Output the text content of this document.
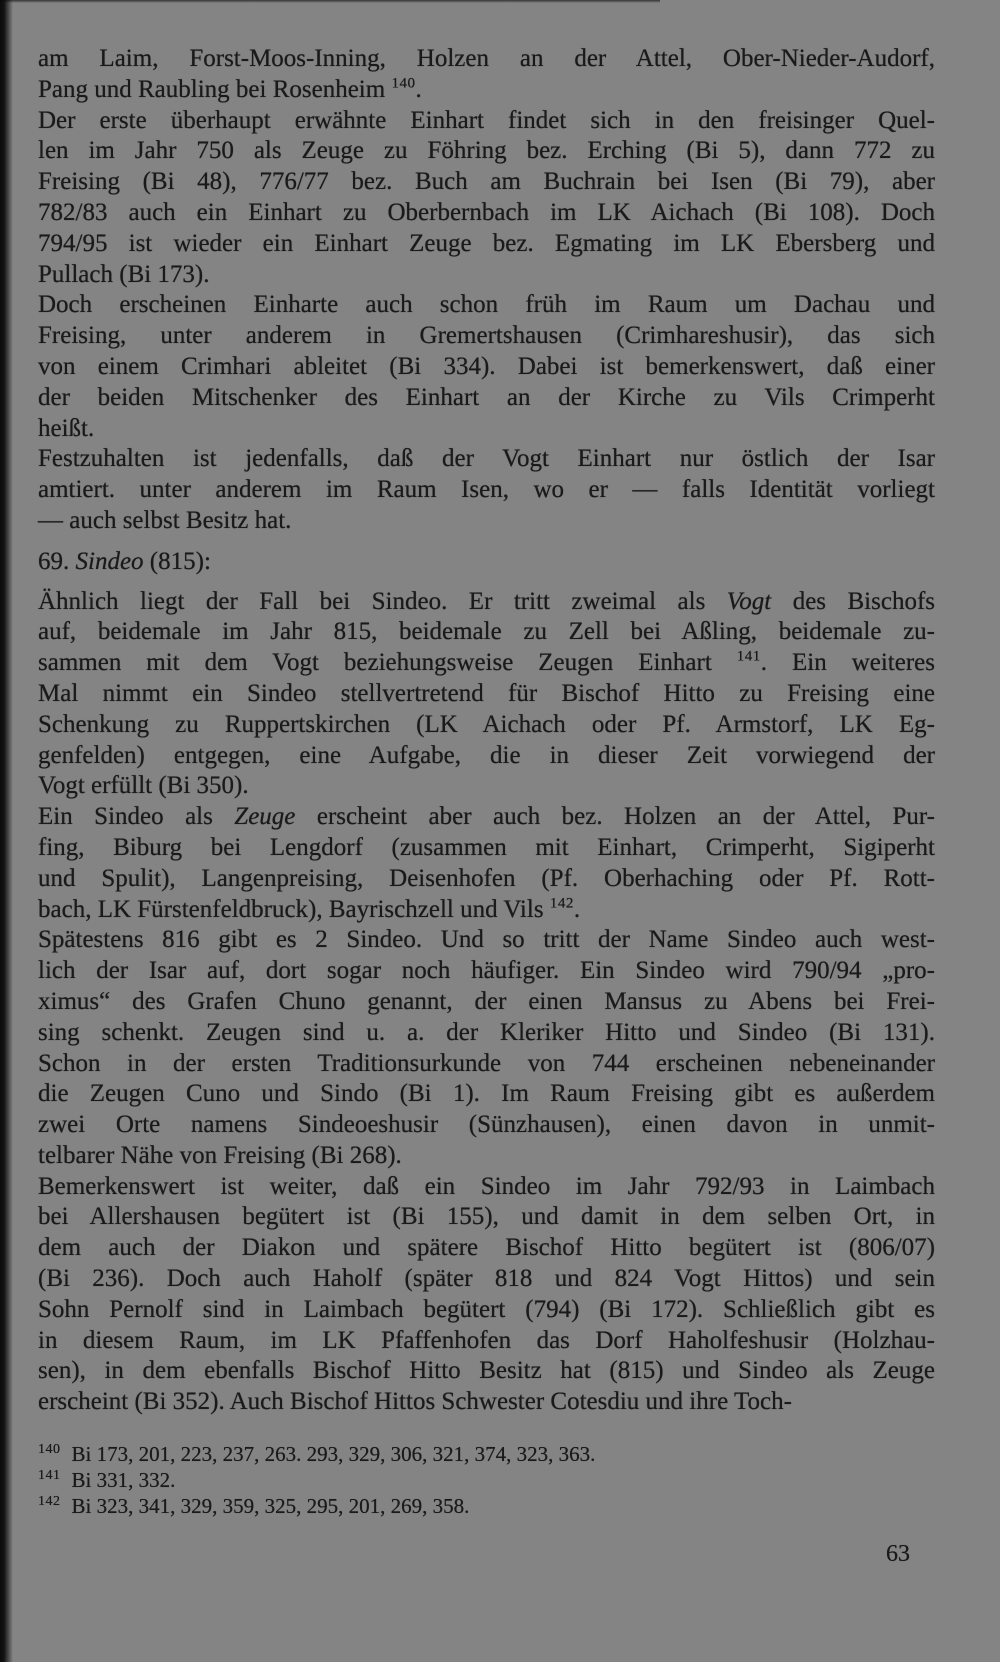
am Laim, Forst-Moos-Inning, Holzen an der Attel, Ober-Nieder-Audorf,
Pang und Raubling bei Rosenheim $^{140}$.
Der erste überhaupt erwähnte Einhart findet sich in den freisinger Quel-
len im Jahr 750 als Zeuge zu Föhring bez. Erching (Bi 5), dann 772 zu
Freising (Bi 48), 776/77 bez. Buch am Buchrain bei Isen (Bi 79), aber
782/83 auch ein Einhart zu Oberbernbach im LK Aichach (Bi 108). Doch
794/95 ist wieder ein Einhart Zeuge bez. Egmating im LK Ebersberg und
Pullach (Bi 173).
Doch erscheinen Einharte auch schon früh im Raum um Dachau und
Freising, unter anderem in Gremertshausen (Crimhareshusir), das sich
von einem Crimhari ableitet (Bi 334). Dabei ist bemerkenswert, daß einer
der beiden Mitschenker des Einhart an der Kirche zu Vils Crimperht
heißt.
Festzuhalten ist jedenfalls, daß der Vogt Einhart nur östlich der Isar
amtiert. unter anderem im Raum Isen, wo er — falls Identität vorliegt
— auch selbst Besitz hat.
69. Sindeo (815):
Ähnlich liegt der Fall bei Sindeo. Er tritt zweimal als Vogt des Bischofs
auf, beidemale im Jahr 815, beidemale zu Zell bei Aßling, beidemale zu-
sammen mit dem Vogt beziehungsweise Zeugen Einhart $^{141}$. Ein weiteres
Mal nimmt ein Sindeo stellvertretend für Bischof Hitto zu Freising eine
Schenkung zu Ruppertskirchen (LK Aichach oder Pf. Armstorf, LK Eg-
genfelden) entgegen, eine Aufgabe, die in dieser Zeit vorwiegend der
Vogt erfüllt (Bi 350).
Ein Sindeo als Zeuge erscheint aber auch bez. Holzen an der Attel, Pur-
fing, Biburg bei Lengdorf (zusammen mit Einhart, Crimperht, Sigiperht
und Spulit), Langenpreising, Deisenhofen (Pf. Oberhaching oder Pf. Rott-
bach, LK Fürstenfeldbruck), Bayrischzell und Vils $^{142}$.
Spätestens 816 gibt es 2 Sindeo. Und so tritt der Name Sindeo auch west-
lich der Isar auf, dort sogar noch häufiger. Ein Sindeo wird 790/94 „pro-
ximus“ des Grafen Chuno genannt, der einen Mansus zu Abens bei Frei-
sing schenkt. Zeugen sind u. a. der Kleriker Hitto und Sindeo (Bi 131).
Schon in der ersten Traditionsurkunde von 744 erscheinen nebeneinander
die Zeugen Cuno und Sindo (Bi 1). Im Raum Freising gibt es außerdem
zwei Orte namens Sindeoeshusir (Sünzhausen), einen davon in unmit-
telbarer Nähe von Freising (Bi 268).
Bemerkenswert ist weiter, daß ein Sindeo im Jahr 792/93 in Laimbach
bei Allershausen begütert ist (Bi 155), und damit in dem selben Ort, in
dem auch der Diakon und spätere Bischof Hitto begütert ist (806/07)
(Bi 236). Doch auch Haholf (später 818 und 824 Vogt Hittos) und sein
Sohn Pernolf sind in Laimbach begütert (794) (Bi 172). Schließlich gibt es
in diesem Raum, im LK Pfaffenhofen das Dorf Haholfeshusir (Holzhau-
sen), in dem ebenfalls Bischof Hitto Besitz hat (815) und Sindeo als Zeuge
erscheint (Bi 352). Auch Bischof Hittos Schwester Cotesdiu und ihre Toch-
$^{140}$ Bi 173, 201, 223, 237, 263. 293, 329, 306, 321, 374, 323, 363.
$^{141}$ Bi 331, 332.
$^{142}$ Bi 323, 341, 329, 359, 325, 295, 201, 269, 358.
63
